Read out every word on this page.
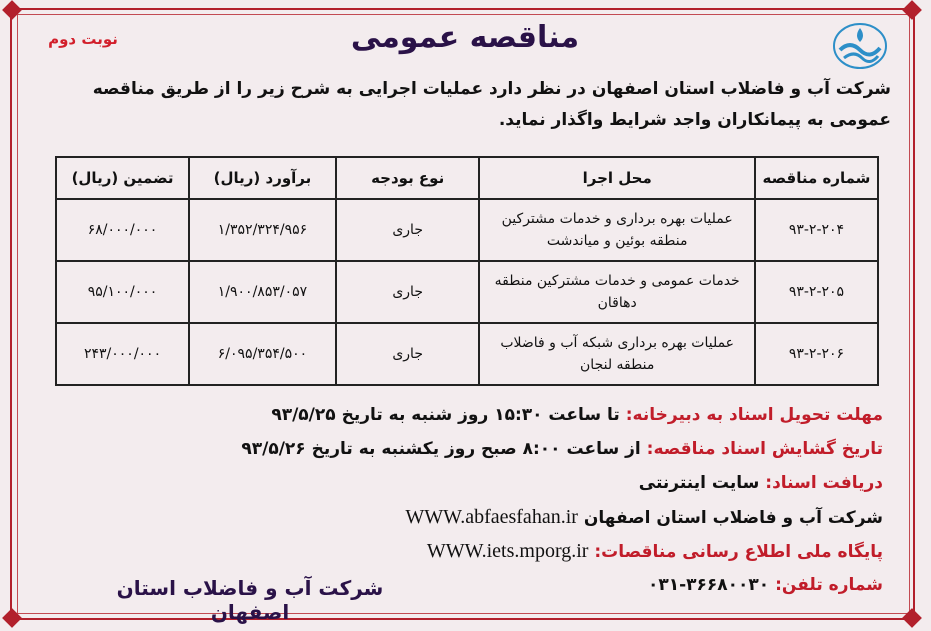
نوبت دوم	مناقصه عمومی
شرکت آب و فاضلاب استان اصفهان در نظر دارد عملیات اجرایی به شرح زیر را از طریق مناقصه عمومی به پیمانکاران واجد شرایط واگذار نماید.
شماره مناقصه	محل اجرا	نوع بودجه	برآورد (ریال)	تضمین (ریال)
۹۳-۲-۲۰۴	عملیات بهره برداری و خدمات مشترکین منطقه بوئین و میاندشت	جاری	۱/۳۵۲/۳۲۴/۹۵۶	۶۸/۰۰۰/۰۰۰
۹۳-۲-۲۰۵	خدمات عمومی و خدمات مشترکین منطقه دهاقان	جاری	۱/۹۰۰/۸۵۳/۰۵۷	۹۵/۱۰۰/۰۰۰
۹۳-۲-۲۰۶	عملیات بهره برداری شبکه آب و فاضلاب منطقه لنجان	جاری	۶/۰۹۵/۳۵۴/۵۰۰	۲۴۳/۰۰۰/۰۰۰
مهلت تحویل اسناد به دبیرخانه: تا ساعت ۱۵:۳۰ روز شنبه به تاریخ ۹۳/۵/۲۵
تاریخ گشایش اسناد مناقصه: از ساعت ۸:۰۰ صبح روز یکشنبه به تاریخ ۹۳/۵/۲۶
دریافت اسناد: سایت اینترنتی
شرکت آب و فاضلاب استان اصفهان WWW.abfaesfahan.ir
پایگاه ملی اطلاع رسانی مناقصات: WWW.iets.mporg.ir
شماره تلفن: ۰۳۱-۳۶۶۸۰۰۳۰
شرکت آب و فاضلاب استان اصفهان
